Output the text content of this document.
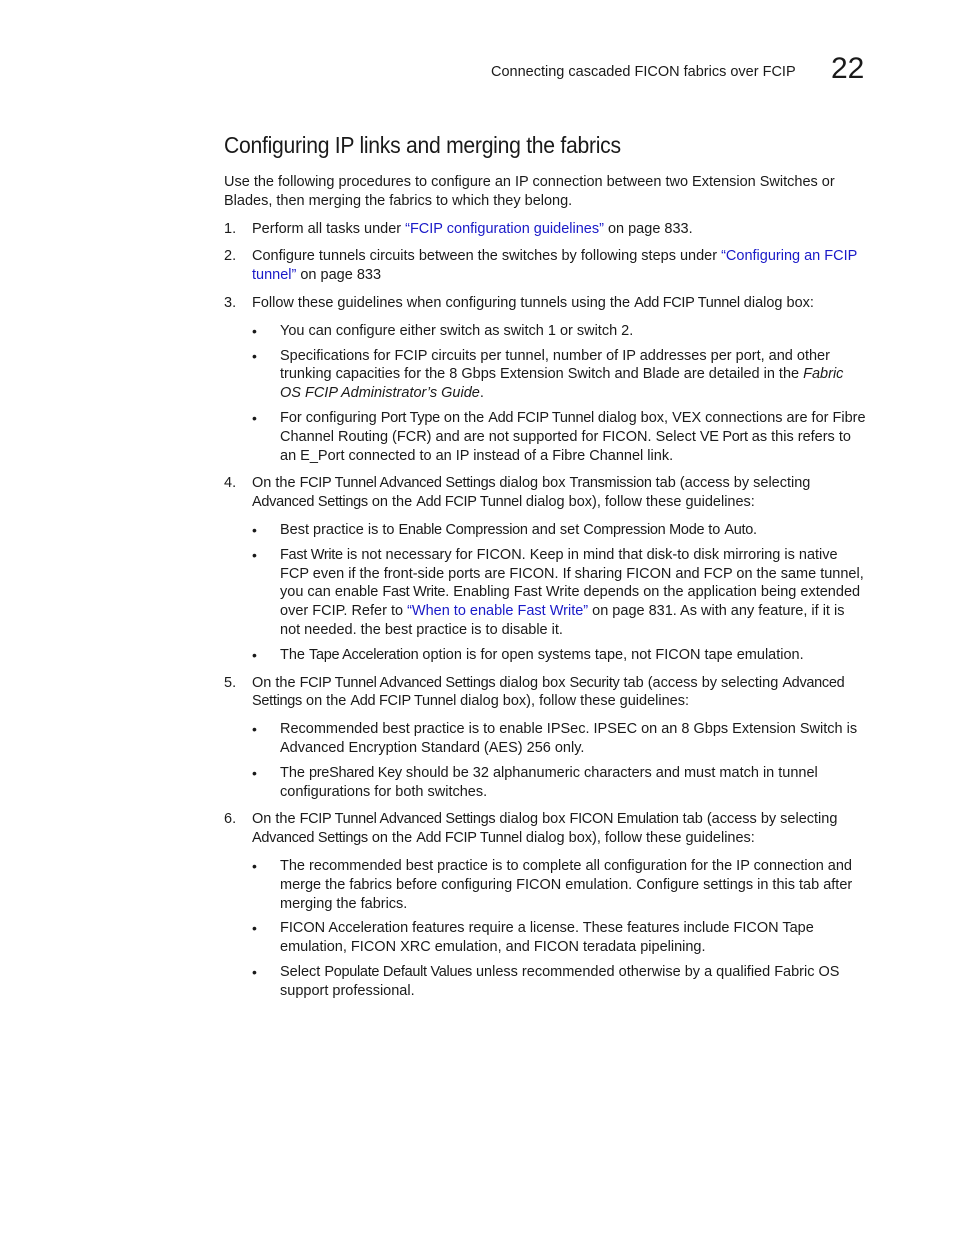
Connecting cascaded FICON fabrics over FCIP 22
Configuring IP links and merging the fabrics

Use the following procedures to configure an IP connection between two Extension Switches or Blades, then merging the fabrics to which they belong.

1. Perform all tasks under “FCIP configuration guidelines” on page 833.
2. Configure tunnels circuits between the switches by following steps under “Configuring an FCIP tunnel” on page 833
3. Follow these guidelines when configuring tunnels using the Add FCIP Tunnel dialog box:
• You can configure either switch as switch 1 or switch 2.
• Specifications for FCIP circuits per tunnel, number of IP addresses per port, and other trunking capacities for the 8 Gbps Extension Switch and Blade are detailed in the Fabric OS FCIP Administrator’s Guide.
• For configuring Port Type on the Add FCIP Tunnel dialog box, VEX connections are for Fibre Channel Routing (FCR) and are not supported for FICON. Select VE Port as this refers to an E_Port connected to an IP instead of a Fibre Channel link.
4. On the FCIP Tunnel Advanced Settings dialog box Transmission tab (access by selecting Advanced Settings on the Add FCIP Tunnel dialog box), follow these guidelines:
• Best practice is to Enable Compression and set Compression Mode to Auto.
• Fast Write is not necessary for FICON. Keep in mind that disk-to disk mirroring is native FCP even if the front-side ports are FICON. If sharing FICON and FCP on the same tunnel, you can enable Fast Write. Enabling Fast Write depends on the application being extended over FCIP. Refer to “When to enable Fast Write” on page 831. As with any feature, if it is not needed. the best practice is to disable it.
• The Tape Acceleration option is for open systems tape, not FICON tape emulation.
5. On the FCIP Tunnel Advanced Settings dialog box Security tab (access by selecting Advanced Settings on the Add FCIP Tunnel dialog box), follow these guidelines:
• Recommended best practice is to enable IPSec. IPSEC on an 8 Gbps Extension Switch is Advanced Encryption Standard (AES) 256 only.
• The preShared Key should be 32 alphanumeric characters and must match in tunnel configurations for both switches.
6. On the FCIP Tunnel Advanced Settings dialog box FICON Emulation tab (access by selecting Advanced Settings on the Add FCIP Tunnel dialog box), follow these guidelines:
• The recommended best practice is to complete all configuration for the IP connection and merge the fabrics before configuring FICON emulation. Configure settings in this tab after merging the fabrics.
• FICON Acceleration features require a license. These features include FICON Tape emulation, FICON XRC emulation, and FICON teradata pipelining.
• Select Populate Default Values unless recommended otherwise by a qualified Fabric OS support professional.
